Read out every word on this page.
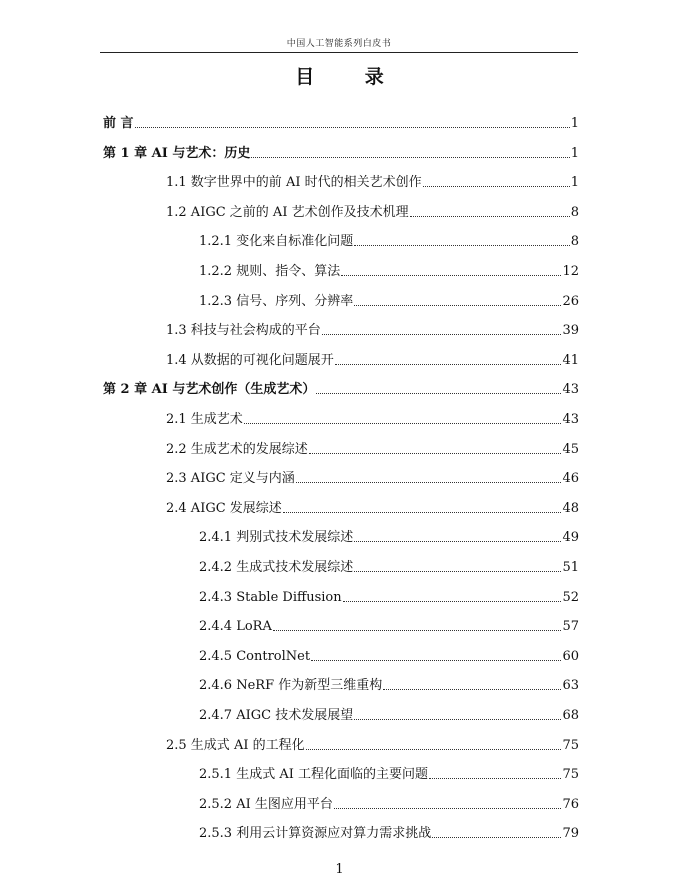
中国人工智能系列白皮书
目 录
前 言	1
第 1 章 AI 与艺术：历史	1
1.1 数字世界中的前 AI 时代的相关艺术创作	1
1.2 AIGC 之前的 AI 艺术创作及技术机理	8
1.2.1 变化来自标准化问题	8
1.2.2 规则、指令、算法	12
1.2.3 信号、序列、分辨率	26
1.3 科技与社会构成的平台	39
1.4 从数据的可视化问题展开	41
第 2 章 AI 与艺术创作（生成艺术）	43
2.1 生成艺术	43
2.2 生成艺术的发展综述	45
2.3 AIGC 定义与内涵	46
2.4 AIGC 发展综述	48
2.4.1 判别式技术发展综述	49
2.4.2 生成式技术发展综述	51
2.4.3 Stable Diffusion	52
2.4.4 LoRA	57
2.4.5 ControlNet	60
2.4.6 NeRF 作为新型三维重构	63
2.4.7 AIGC 技术发展展望	68
2.5 生成式 AI 的工程化	75
2.5.1 生成式 AI 工程化面临的主要问题	75
2.5.2 AI 生图应用平台	76
2.5.3 利用云计算资源应对算力需求挑战	79
1
